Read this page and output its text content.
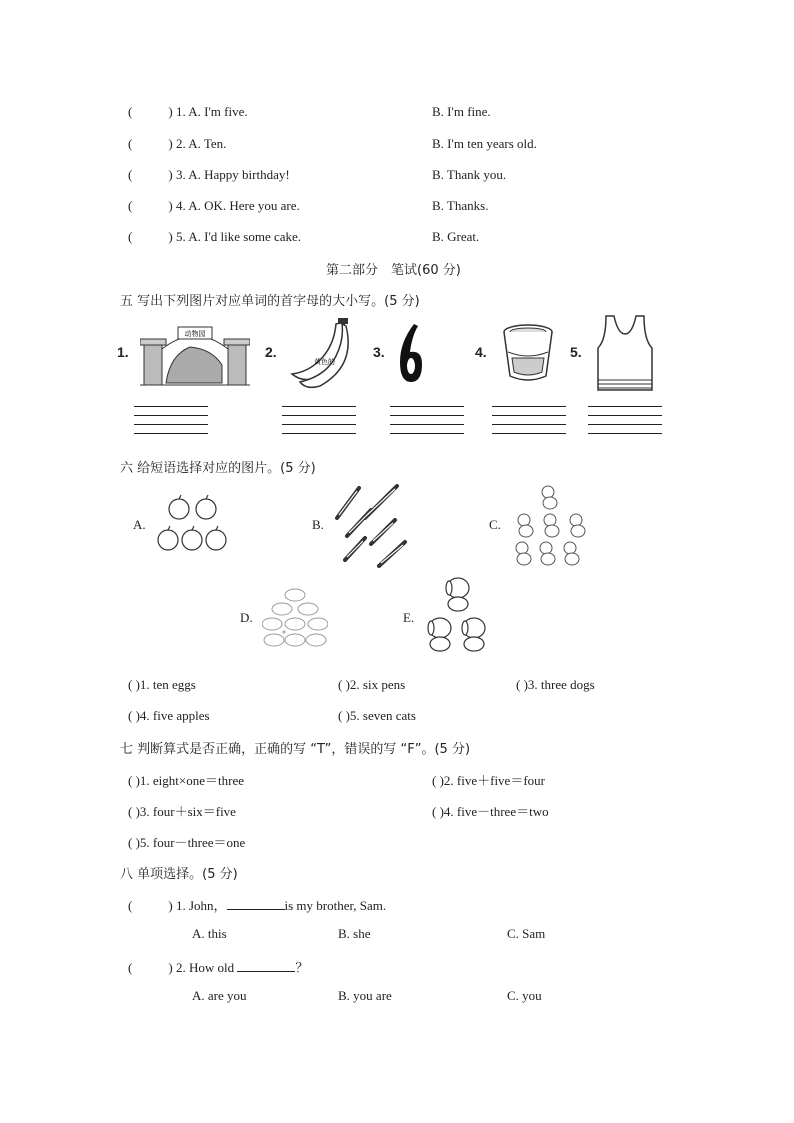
(	) 1. A. I'm five.	B. I'm fine.
(	) 2. A. Ten.	B. I'm ten years old.
(	) 3. A. Happy birthday!	B. Thank you.
(	) 4. A. OK. Here you are.	B. Thanks.
(	) 5. A. I'd like some cake.	B. Great.
第二部分　笔试(60 分)
五 写出下列图片对应单词的首字母的大小写。(5 分)
1.	2.	3.	4.	5.
动物园
黄色的
六 给短语选择对应的图片。(5 分)
A.	B.	C.
D.	E.
( )1. ten eggs	( )2. six pens	( )3. three dogs
( )4. five apples	( )5. seven cats
七 判断算式是否正确，正确的写 “T”，错误的写 “F”。(5 分)
( )1. eight×one＝three	( )2. five＋five＝four
( )3. four＋six＝five	( )4. five－three＝two
( )5. four－three＝one
八 单项选择。(5 分)
(	) 1. John，	is my brother, Sam.
A. this	B. she	C. Sam
(	) 2. How old	？
A. are you	B. you are	C. you
